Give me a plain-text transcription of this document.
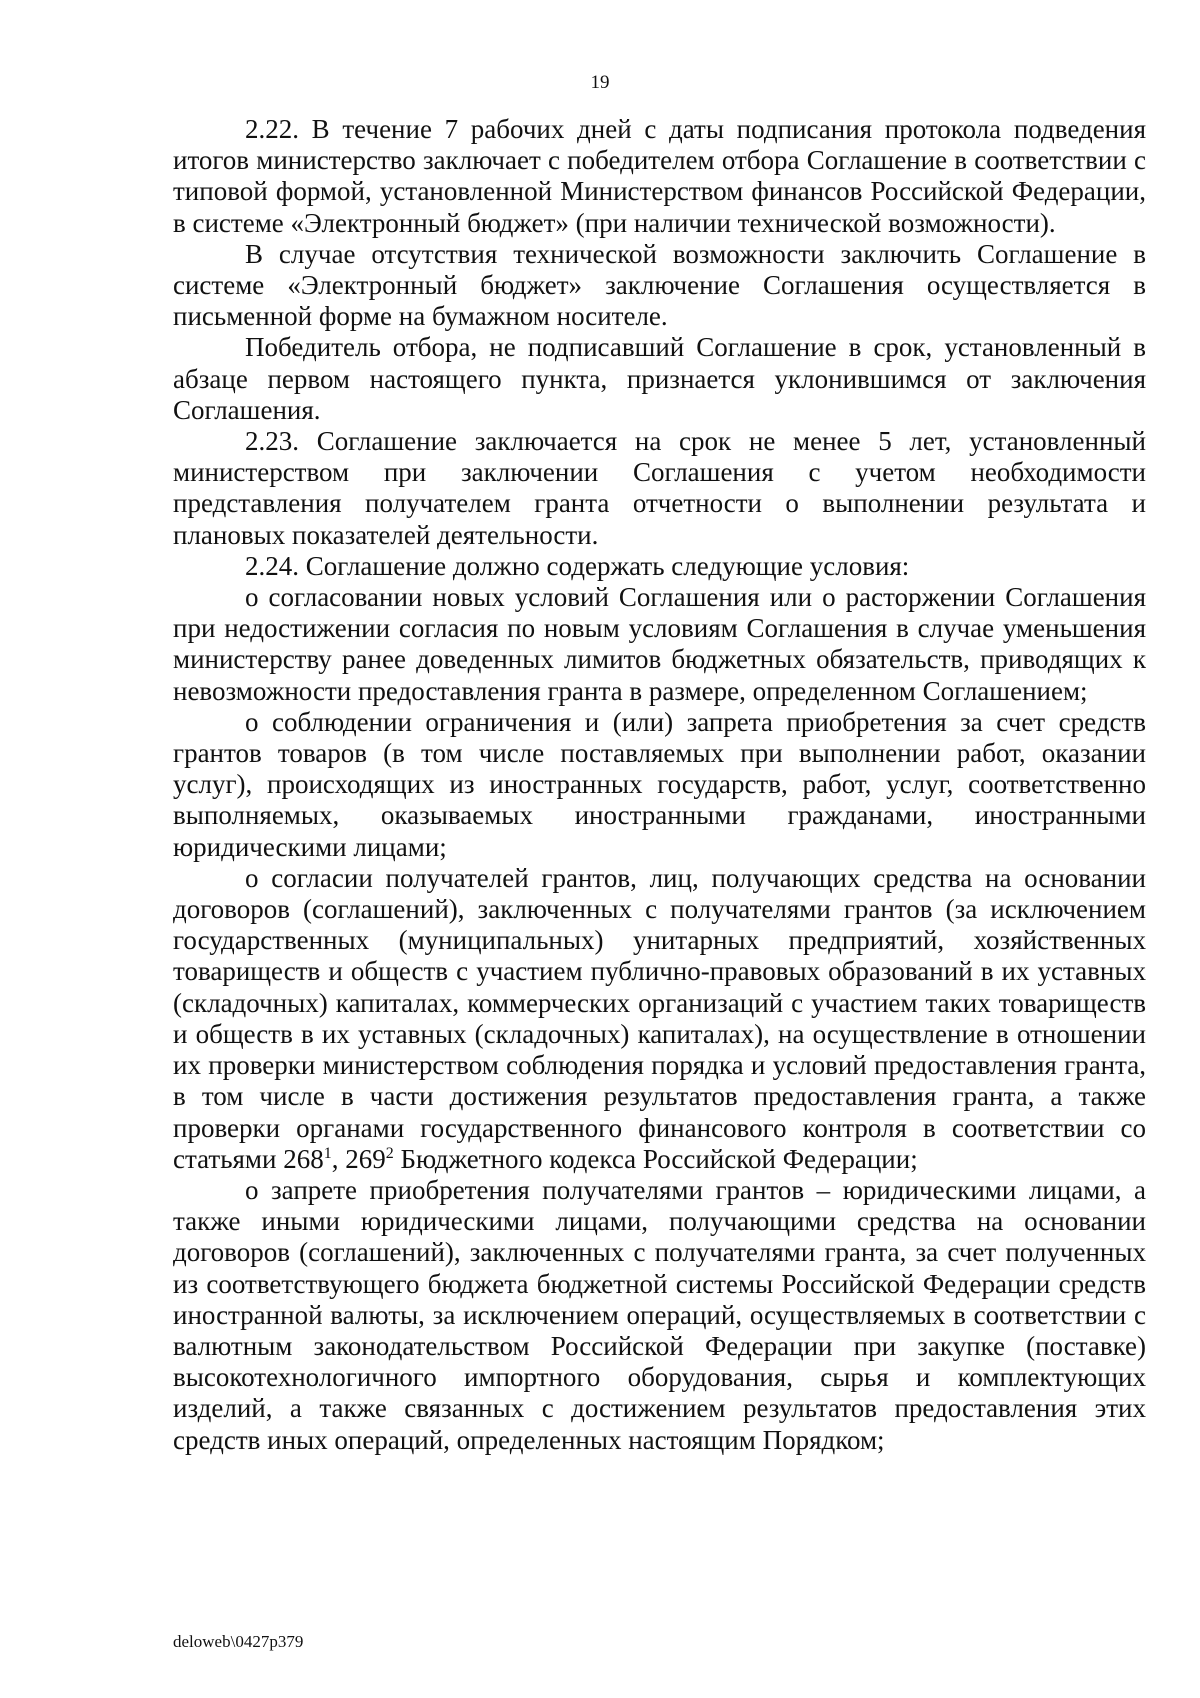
19

2.22. В течение 7 рабочих дней с даты подписания протокола подведения итогов министерство заключает с победителем отбора Соглашение в соответствии с типовой формой, установленной Министерством финансов Российской Федерации, в системе «Электронный бюджет» (при наличии технической возможности).

В случае отсутствия технической возможности заключить Соглашение в системе «Электронный бюджет» заключение Соглашения осуществляется в письменной форме на бумажном носителе.

Победитель отбора, не подписавший Соглашение в срок, установленный в абзаце первом настоящего пункта, признается уклонившимся от заключения Соглашения.

2.23. Соглашение заключается на срок не менее 5 лет, установленный министерством при заключении Соглашения с учетом необходимости представления получателем гранта отчетности о выполнении результата и плановых показателей деятельности.

2.24. Соглашение должно содержать следующие условия:

о согласовании новых условий Соглашения или о расторжении Соглашения при недостижении согласия по новым условиям Соглашения в случае уменьшения министерству ранее доведенных лимитов бюджетных обязательств, приводящих к невозможности предоставления гранта в размере, определенном Соглашением;

о соблюдении ограничения и (или) запрета приобретения за счет средств грантов товаров (в том числе поставляемых при выполнении работ, оказании услуг), происходящих из иностранных государств, работ, услуг, соответственно выполняемых, оказываемых иностранными гражданами, иностранными юридическими лицами;

о согласии получателей грантов, лиц, получающих средства на основании договоров (соглашений), заключенных с получателями грантов (за исключением государственных (муниципальных) унитарных предприятий, хозяйственных товариществ и обществ с участием публично-правовых образований в их уставных (складочных) капиталах, коммерческих организаций с участием таких товариществ и обществ в их уставных (складочных) капиталах), на осуществление в отношении их проверки министерством соблюдения порядка и условий предоставления гранта, в том числе в части достижения результатов предоставления гранта, а также проверки органами государственного финансового контроля в соответствии со статьями $268^1$, $269^2$ Бюджетного кодекса Российской Федерации;

о запрете приобретения получателями грантов – юридическими лицами, а также иными юридическими лицами, получающими средства на основании договоров (соглашений), заключенных с получателями гранта, за счет полученных из соответствующего бюджета бюджетной системы Российской Федерации средств иностранной валюты, за исключением операций, осуществляемых в соответствии с валютным законодательством Российской Федерации при закупке (поставке) высокотехнологичного импортного оборудования, сырья и комплектующих изделий, а также связанных с достижением результатов предоставления этих средств иных операций, определенных настоящим Порядком;

deloweb\0427p379
